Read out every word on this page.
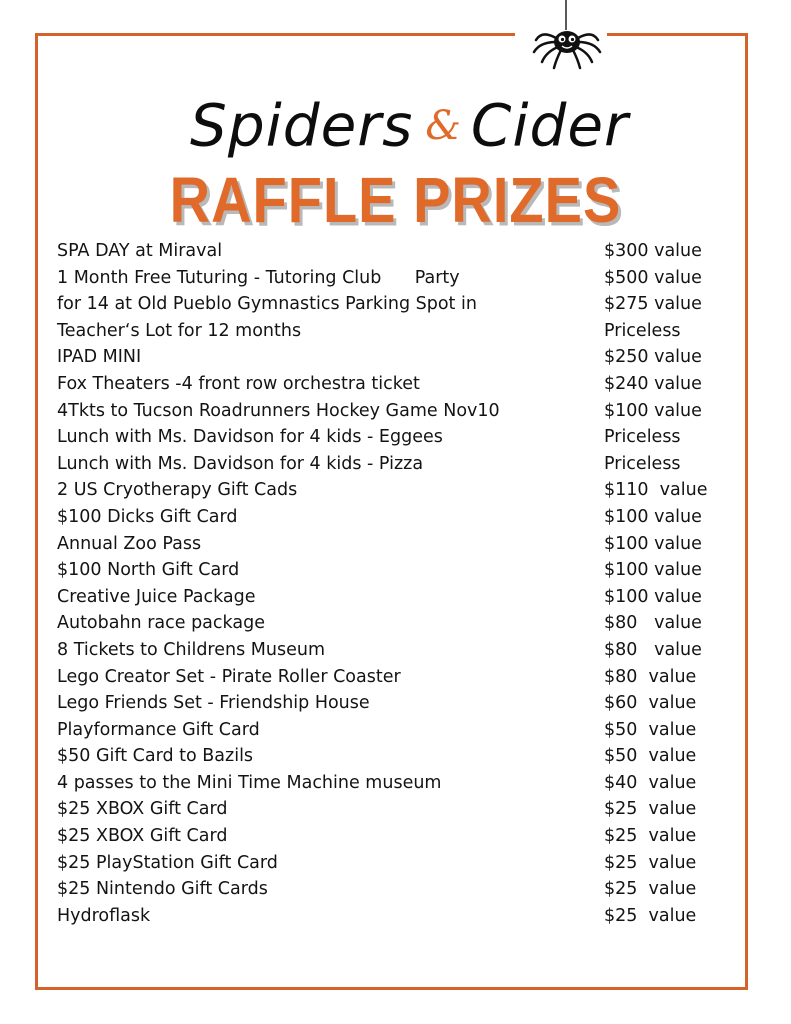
Spiders & Cider
RAFFLE PRIZES
SPA DAY at Miraval	$300 value
1 Month Free Tuturing - Tutoring Club      Party	$500 value
for 14 at Old Pueblo Gymnastics Parking Spot in	$275 value
Teacher‘s Lot for 12 months	Priceless
IPAD MINI	$250 value
Fox Theaters -4 front row orchestra ticket	$240 value
4Tkts to Tucson Roadrunners Hockey Game Nov10	$100 value
Lunch with Ms. Davidson for 4 kids - Eggees	Priceless
Lunch with Ms. Davidson for 4 kids - Pizza	Priceless
2 US Cryotherapy Gift Cads	$110  value
$100 Dicks Gift Card	$100 value
Annual Zoo Pass	$100 value
$100 North Gift Card	$100 value
Creative Juice Package	$100 value
Autobahn race package	$80   value
8 Tickets to Childrens Museum	$80   value
Lego Creator Set - Pirate Roller Coaster	$80  value
Lego Friends Set - Friendship House	$60  value
Playformance Gift Card	$50  value
$50 Gift Card to Bazils	$50  value
4 passes to the Mini Time Machine museum	$40  value
$25 XBOX Gift Card	$25  value
$25 XBOX Gift Card	$25  value
$25 PlayStation Gift Card	$25  value
$25 Nintendo Gift Cards	$25  value
Hydroflask	$25  value
